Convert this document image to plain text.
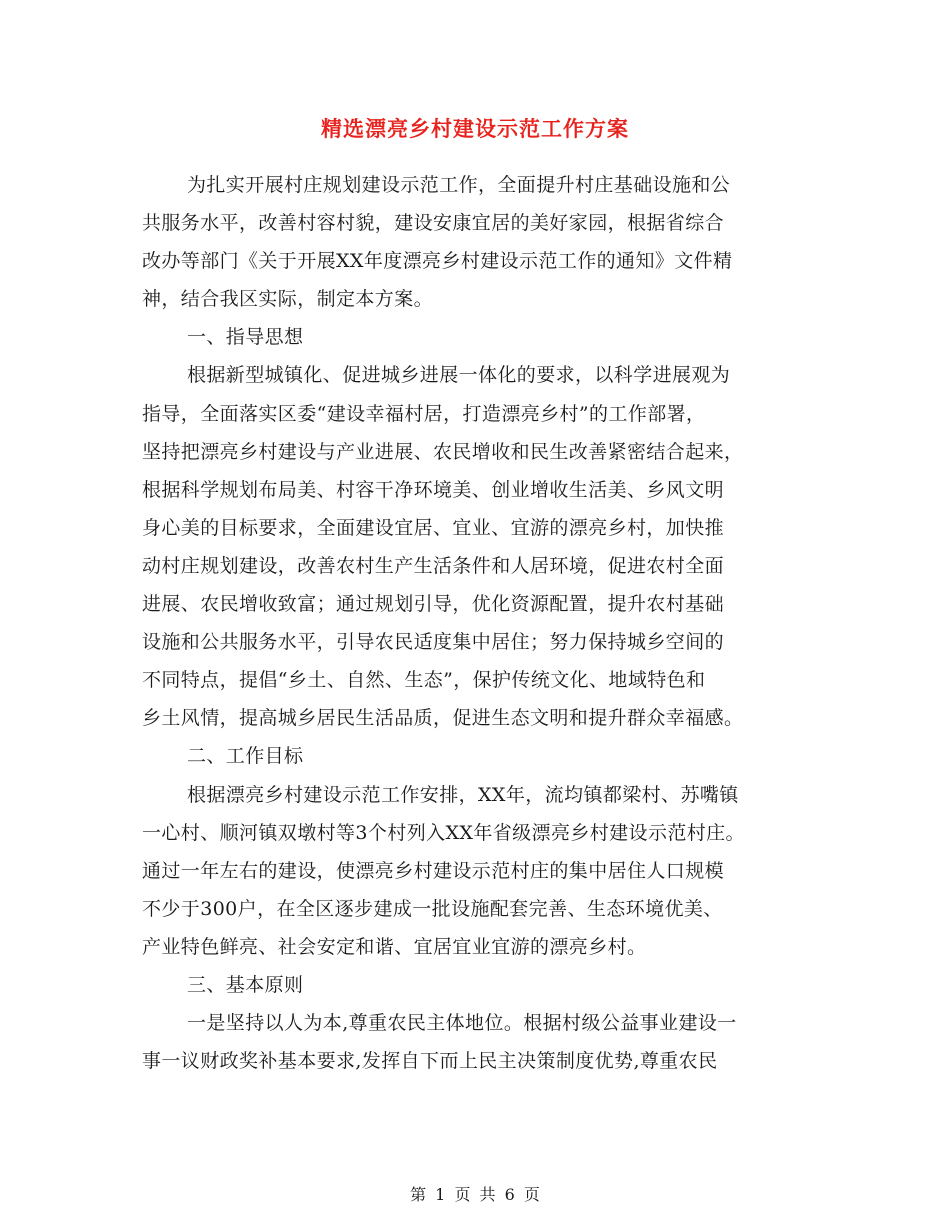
精选漂亮乡村建设示范工作方案
为扎实开展村庄规划建设示范工作，全面提升村庄基础设施和公
共服务水平，改善村容村貌，建设安康宜居的美好家园，根据省综合
改办等部门《关于开展XX年度漂亮乡村建设示范工作的通知》文件精
神，结合我区实际，制定本方案。
一、指导思想
根据新型城镇化、促进城乡进展一体化的要求，以科学进展观为
指导，全面落实区委“建设幸福村居，打造漂亮乡村”的工作部署，
坚持把漂亮乡村建设与产业进展、农民增收和民生改善紧密结合起来，
根据科学规划布局美、村容干净环境美、创业增收生活美、乡风文明
身心美的目标要求，全面建设宜居、宜业、宜游的漂亮乡村，加快推
动村庄规划建设，改善农村生产生活条件和人居环境，促进农村全面
进展、农民增收致富；通过规划引导，优化资源配置，提升农村基础
设施和公共服务水平，引导农民适度集中居住；努力保持城乡空间的
不同特点，提倡“乡土、自然、生态”，保护传统文化、地域特色和
乡土风情，提高城乡居民生活品质，促进生态文明和提升群众幸福感。
二、工作目标
根据漂亮乡村建设示范工作安排，XX年，流均镇都梁村、苏嘴镇
一心村、顺河镇双墩村等3个村列入XX年省级漂亮乡村建设示范村庄。
通过一年左右的建设，使漂亮乡村建设示范村庄的集中居住人口规模
不少于300户，在全区逐步建成一批设施配套完善、生态环境优美、
产业特色鲜亮、社会安定和谐、宜居宜业宜游的漂亮乡村。
三、基本原则
一是坚持以人为本,尊重农民主体地位。根据村级公益事业建设一
事一议财政奖补基本要求,发挥自下而上民主决策制度优势,尊重农民
第 1 页 共 6 页
